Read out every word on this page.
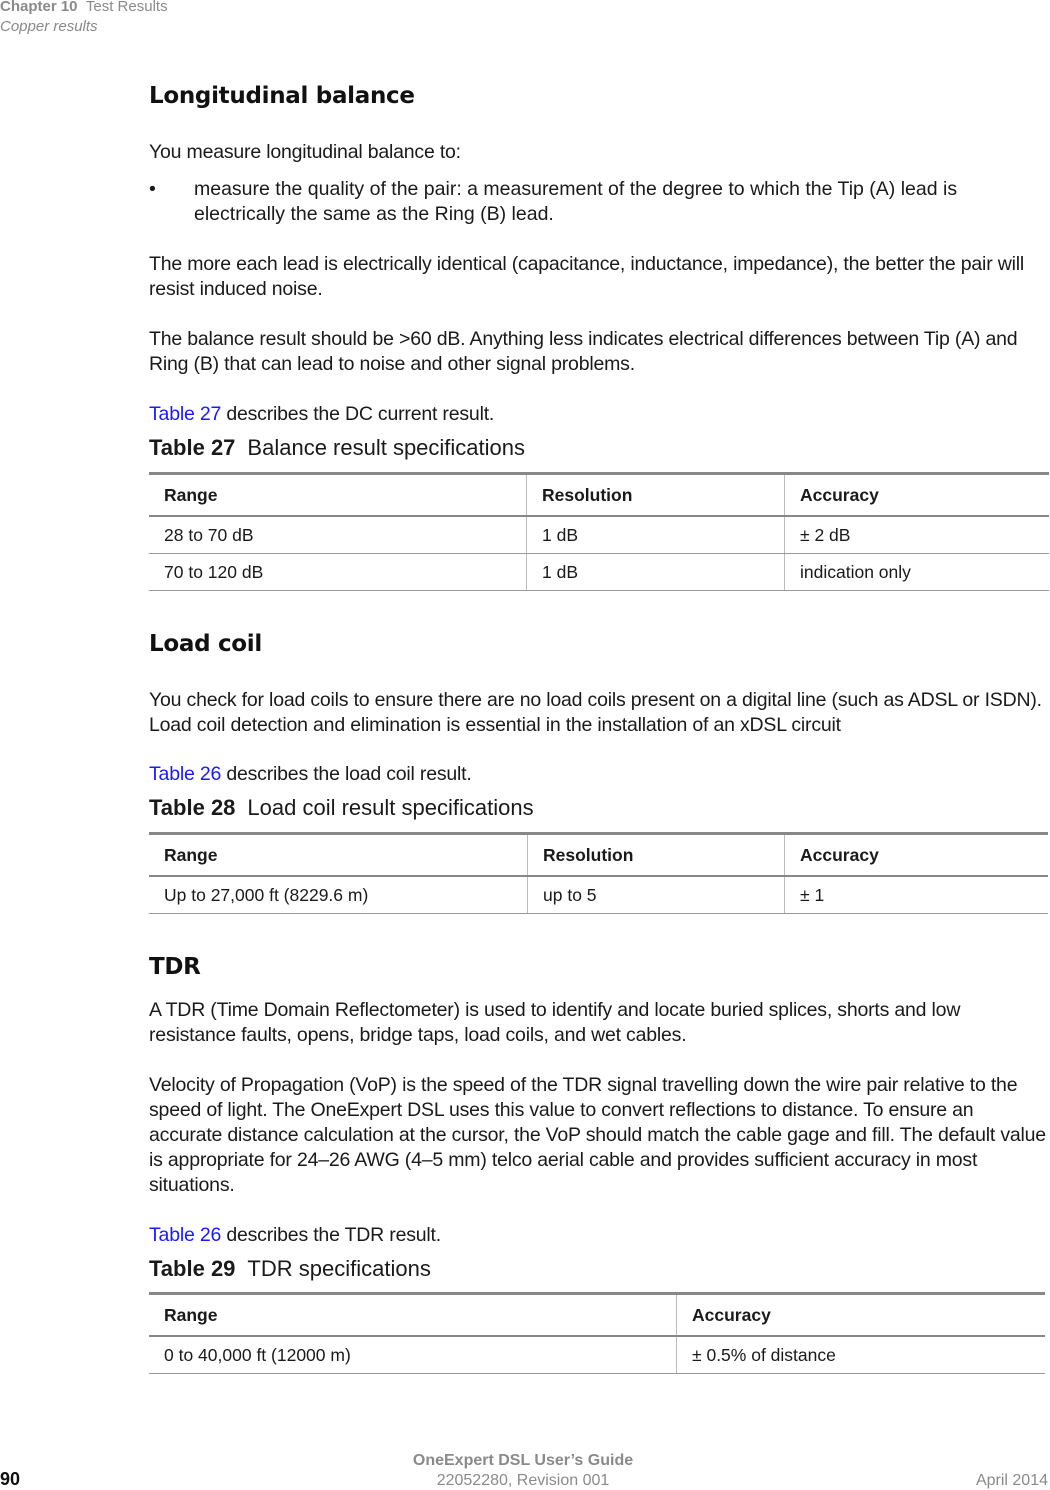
Chapter 10 Test Results
Copper results
Longitudinal balance
You measure longitudinal balance to:
• measure the quality of the pair: a measurement of the degree to which the Tip (A) lead is electrically the same as the Ring (B) lead.
The more each lead is electrically identical (capacitance, inductance, impedance), the better the pair will resist induced noise.
The balance result should be >60 dB. Anything less indicates electrical differences between Tip (A) and Ring (B) that can lead to noise and other signal problems.
Table 27 describes the DC current result.
Table 27 Balance result specifications
Range	Resolution	Accuracy
28 to 70 dB	1 dB	± 2 dB
70 to 120 dB	1 dB	indication only
Load coil
You check for load coils to ensure there are no load coils present on a digital line (such as ADSL or ISDN). Load coil detection and elimination is essential in the installation of an xDSL circuit
Table 26 describes the load coil result.
Table 28 Load coil result specifications
Range	Resolution	Accuracy
Up to 27,000 ft (8229.6 m)	up to 5	± 1
TDR
A TDR (Time Domain Reflectometer) is used to identify and locate buried splices, shorts and low resistance faults, opens, bridge taps, load coils, and wet cables.
Velocity of Propagation (VoP) is the speed of the TDR signal travelling down the wire pair relative to the speed of light. The OneExpert DSL uses this value to convert reflections to distance. To ensure an accurate distance calculation at the cursor, the VoP should match the cable gage and fill. The default value is appropriate for 24–26 AWG (4–5 mm) telco aerial cable and provides sufficient accuracy in most situations.
Table 26 describes the TDR result.
Table 29 TDR specifications
Range	Accuracy
0 to 40,000 ft (12000 m)	± 0.5% of distance
90
OneExpert DSL User’s Guide
22052280, Revision 001	April 2014
